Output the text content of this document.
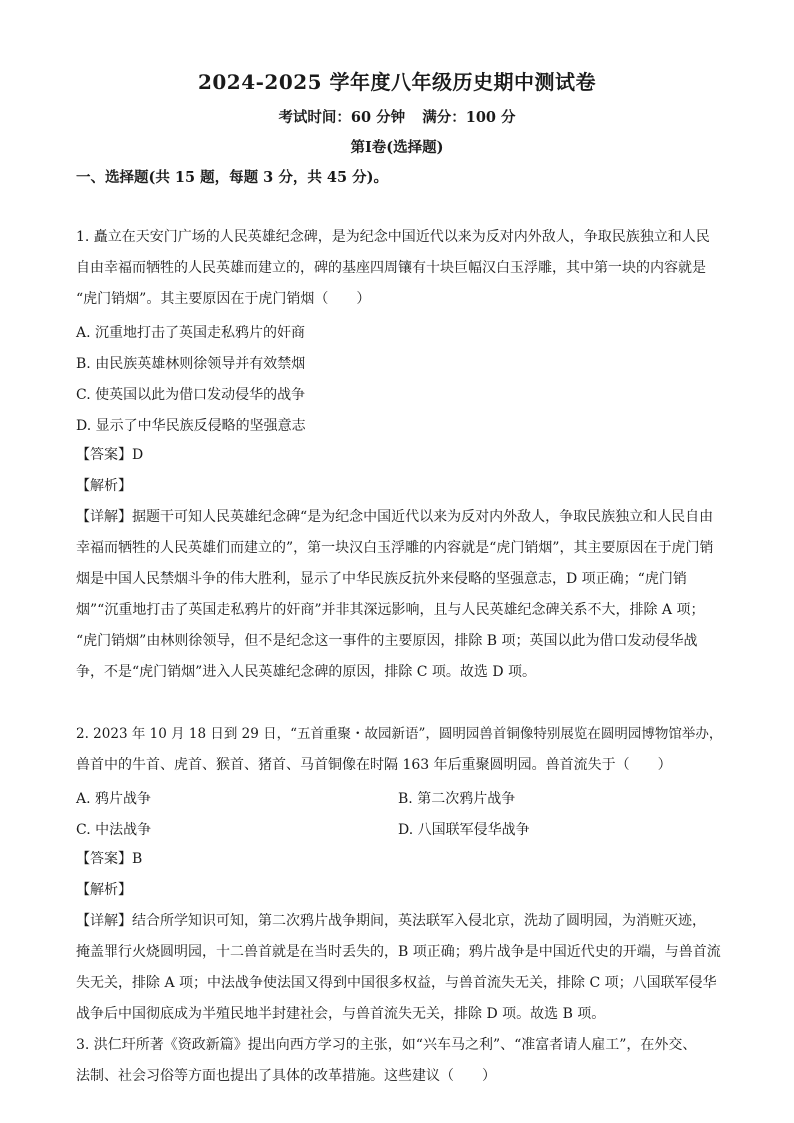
2024-2025 学年度八年级历史期中测试卷
考试时间：60 分钟 满分：100 分
第Ⅰ卷(选择题)
一、选择题(共 15 题，每题 3 分，共 45 分)。
1. 矗立在天安门广场的人民英雄纪念碑，是为纪念中国近代以来为反对内外敌人，争取民族独立和人民
自由幸福而牺牲的人民英雄而建立的，碑的基座四周镶有十块巨幅汉白玉浮雕，其中第一块的内容就是
“虎门销烟”。其主要原因在于虎门销烟（　　）
A. 沉重地打击了英国走私鸦片的奸商
B. 由民族英雄林则徐领导并有效禁烟
C. 使英国以此为借口发动侵华的战争
D. 显示了中华民族反侵略的坚强意志
【答案】D
【解析】
【详解】据题干可知人民英雄纪念碑“是为纪念中国近代以来为反对内外敌人，争取民族独立和人民自由
幸福而牺牲的人民英雄们而建立的”，第一块汉白玉浮雕的内容就是“虎门销烟”，其主要原因在于虎门销
烟是中国人民禁烟斗争的伟大胜利，显示了中华民族反抗外来侵略的坚强意志，D 项正确；“虎门销
烟”“沉重地打击了英国走私鸦片的奸商”并非其深远影响，且与人民英雄纪念碑关系不大，排除 A 项；
“虎门销烟”由林则徐领导，但不是纪念这一事件的主要原因，排除 B 项；英国以此为借口发动侵华战
争，不是“虎门销烟”进入人民英雄纪念碑的原因，排除 C 项。故选 D 项。
2. 2023 年 10 月 18 日到 29 日，“五首重聚・故园新语”，圆明园兽首铜像特别展览在圆明园博物馆举办，
兽首中的牛首、虎首、猴首、猪首、马首铜像在时隔 163 年后重聚圆明园。兽首流失于（　　）
A. 鸦片战争	B. 第二次鸦片战争
C. 中法战争	D. 八国联军侵华战争
【答案】B
【解析】
【详解】结合所学知识可知，第二次鸦片战争期间，英法联军入侵北京，洗劫了圆明园，为消赃灭迹，
掩盖罪行火烧圆明园，十二兽首就是在当时丢失的，B 项正确；鸦片战争是中国近代史的开端，与兽首流
失无关，排除 A 项；中法战争使法国又得到中国很多权益，与兽首流失无关，排除 C 项；八国联军侵华
战争后中国彻底成为半殖民地半封建社会，与兽首流失无关，排除 D 项。故选 B 项。
3. 洪仁玕所著《资政新篇》提出向西方学习的主张，如“兴车马之利”、“准富者请人雇工”，在外交、
法制、社会习俗等方面也提出了具体的改革措施。这些建议（　　）
